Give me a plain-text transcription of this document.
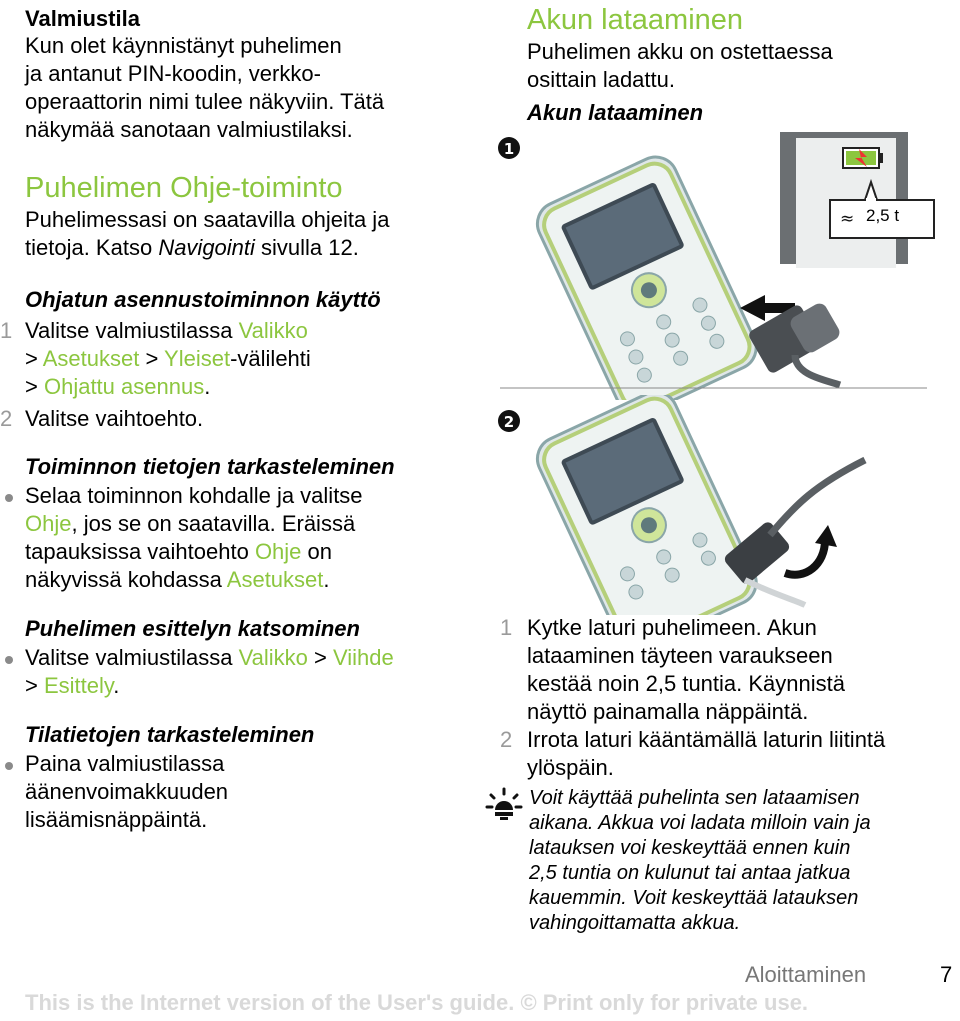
Valmiustila
Kun olet käynnistänyt puhelimen
ja antanut PIN-koodin, verkko-
operaattorin nimi tulee näkyviin. Tätä
näkymää sanotaan valmiustilaksi.
Puhelimen Ohje-toiminto
Puhelimessasi on saatavilla ohjeita ja
tietoja. Katso Navigointi sivulla 12.
Ohjatun asennustoiminnon käyttö
1 Valitse valmiustilassa Valikko
> Asetukset > Yleiset-välilehti
> Ohjattu asennus.
2 Valitse vaihtoehto.
Toiminnon tietojen tarkasteleminen
Selaa toiminnon kohdalle ja valitse
Ohje, jos se on saatavilla. Eräissä
tapauksissa vaihtoehto Ohje on
näkyvissä kohdassa Asetukset.
Puhelimen esittelyn katsominen
Valitse valmiustilassa Valikko > Viihde
> Esittely.
Tilatietojen tarkasteleminen
Paina valmiustilassa
äänenvoimakkuuden
lisäämisnäppäintä.
Akun lataaminen
Puhelimen akku on ostettaessa
osittain ladattu.
Akun lataaminen
1
≈ 2,5 t
2
1 Kytke laturi puhelimeen. Akun
lataaminen täyteen varaukseen
kestää noin 2,5 tuntia. Käynnistä
näyttö painamalla näppäintä.
2 Irrota laturi kääntämällä laturin liitintä
ylöspäin.
Voit käyttää puhelinta sen lataamisen
aikana. Akkua voi ladata milloin vain ja
latauksen voi keskeyttää ennen kuin
2,5 tuntia on kulunut tai antaa jatkua
kauemmin. Voit keskeyttää latauksen
vahingoittamatta akkua.
Aloittaminen	7
This is the Internet version of the User's guide. © Print only for private use.
